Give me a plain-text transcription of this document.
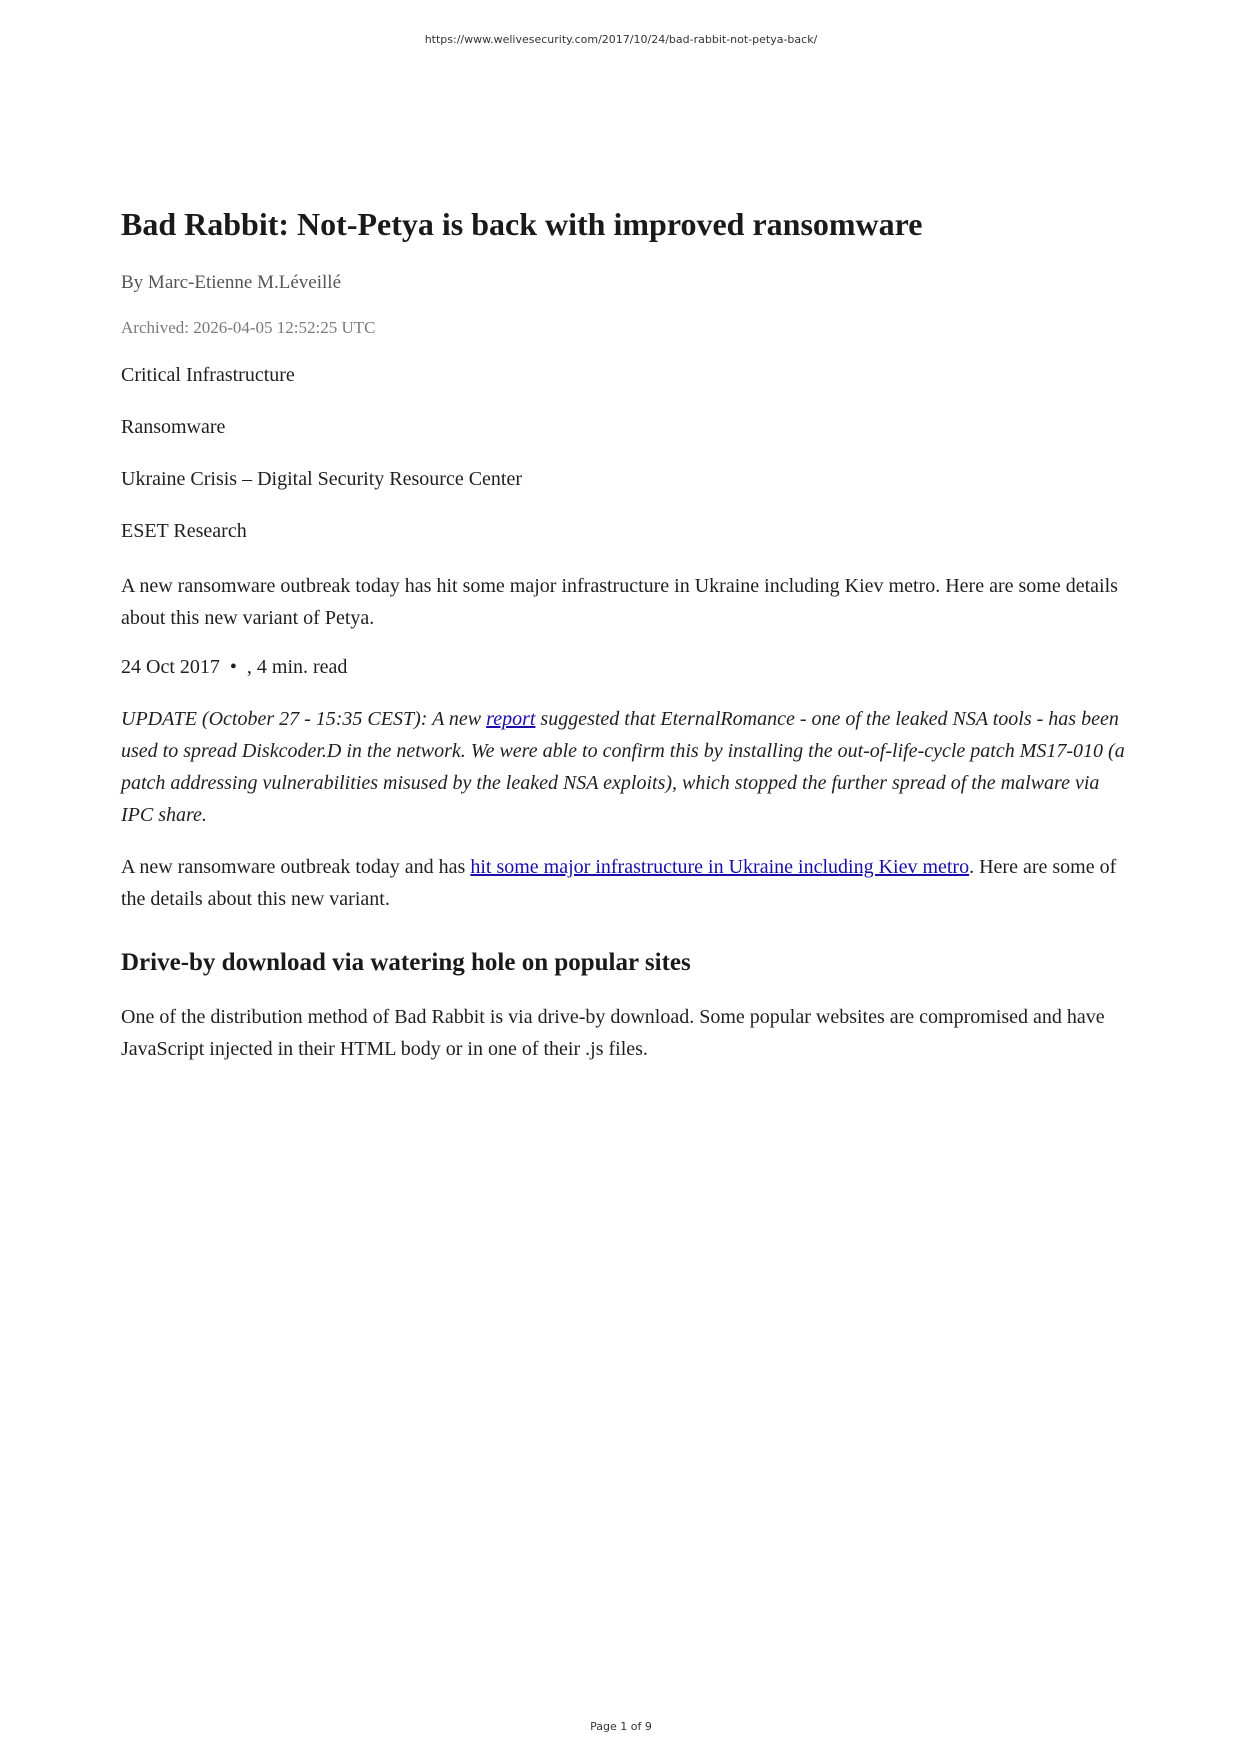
https://www.welivesecurity.com/2017/10/24/bad-rabbit-not-petya-back/

Bad Rabbit: Not-Petya is back with improved ransomware

By Marc-Etienne M.Léveillé

Archived: 2026-04-05 12:52:25 UTC

Critical Infrastructure

Ransomware

Ukraine Crisis – Digital Security Resource Center

ESET Research

A new ransomware outbreak today has hit some major infrastructure in Ukraine including Kiev metro. Here are some details about this new variant of Petya.

24 Oct 2017 • , 4 min. read

UPDATE (October 27 - 15:35 CEST): A new report suggested that EternalRomance - one of the leaked NSA tools - has been used to spread Diskcoder.D in the network. We were able to confirm this by installing the out-of-life-cycle patch MS17-010 (a patch addressing vulnerabilities misused by the leaked NSA exploits), which stopped the further spread of the malware via IPC share.

A new ransomware outbreak today and has hit some major infrastructure in Ukraine including Kiev metro. Here are some of the details about this new variant.

Drive-by download via watering hole on popular sites

One of the distribution method of Bad Rabbit is via drive-by download. Some popular websites are compromised and have JavaScript injected in their HTML body or in one of their .js files.

Page 1 of 9
